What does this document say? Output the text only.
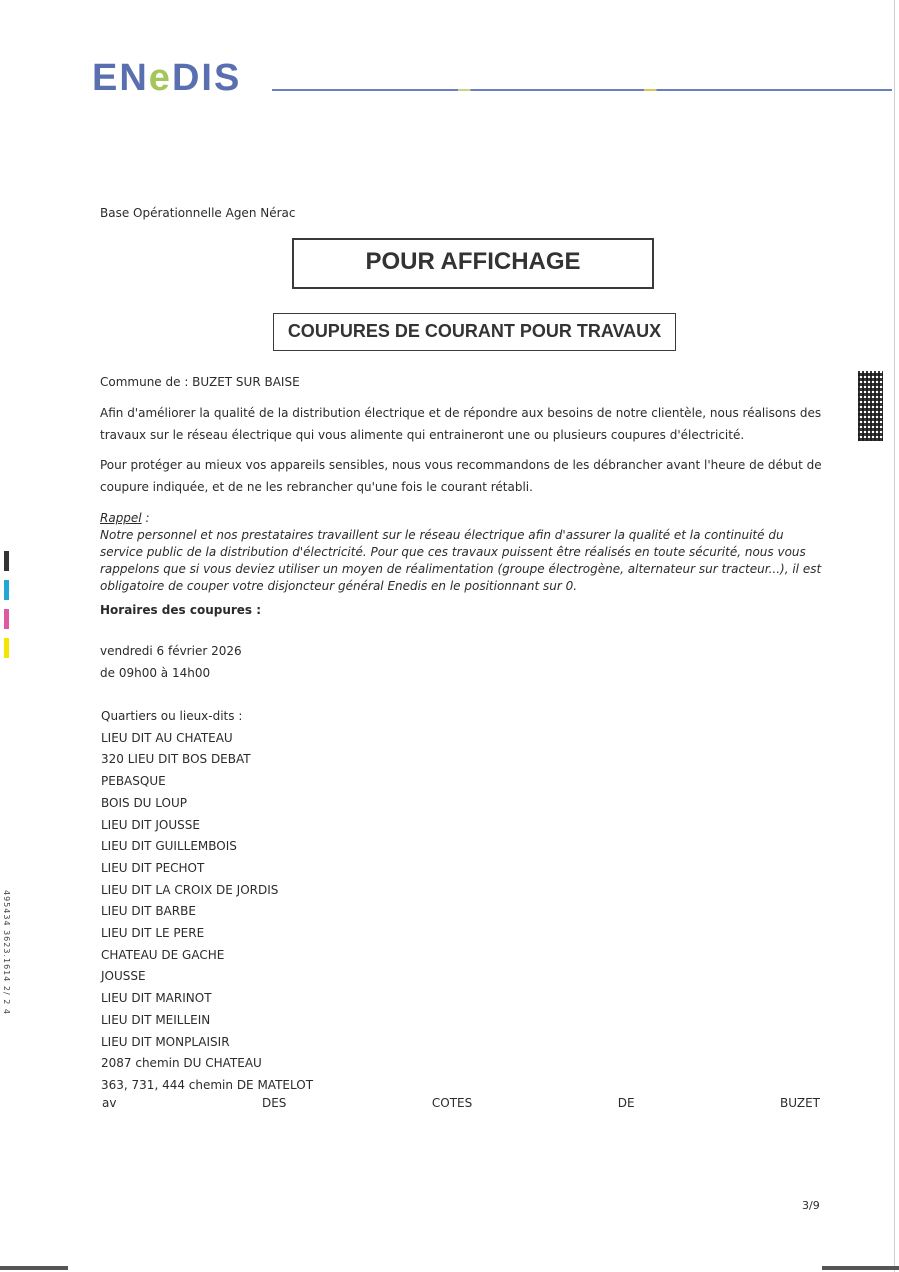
ENeDIS
Base Opérationnelle Agen Nérac
POUR AFFICHAGE
COUPURES DE COURANT POUR TRAVAUX
Commune de : BUZET SUR BAISE
Afin d'améliorer la qualité de la distribution électrique et de répondre aux besoins de notre clientèle, nous réalisons des travaux sur le réseau électrique qui vous alimente qui entraineront une ou plusieurs coupures d'électricité.
Pour protéger au mieux vos appareils sensibles, nous vous recommandons de les débrancher avant l'heure de début de coupure indiquée, et de ne les rebrancher qu'une fois le courant rétabli.
Rappel :
Notre personnel et nos prestataires travaillent sur le réseau électrique afin d'assurer la qualité et la continuité du service public de la distribution d'électricité. Pour que ces travaux puissent être réalisés en toute sécurité, nous vous rappelons que si vous deviez utiliser un moyen de réalimentation (groupe électrogène, alternateur sur tracteur...), il est obligatoire de couper votre disjoncteur général Enedis en le positionnant sur 0.
Horaires des coupures :
vendredi 6 février 2026
de 09h00 à 14h00
Quartiers ou lieux-dits :
LIEU DIT AU CHATEAU
320 LIEU DIT BOS DEBAT
PEBASQUE
BOIS DU LOUP
LIEU DIT JOUSSE
LIEU DIT GUILLEMBOIS
LIEU DIT PECHOT
LIEU DIT LA CROIX DE JORDIS
LIEU DIT BARBE
LIEU DIT LE PERE
CHATEAU DE GACHE
JOUSSE
LIEU DIT MARINOT
LIEU DIT MEILLEIN
LIEU DIT MONPLAISIR
2087 chemin DU CHATEAU
363, 731, 444 chemin DE MATELOT
av	DES	COTES	DE	BUZET
3/9
495434 3623.1614 2/ 2 4
